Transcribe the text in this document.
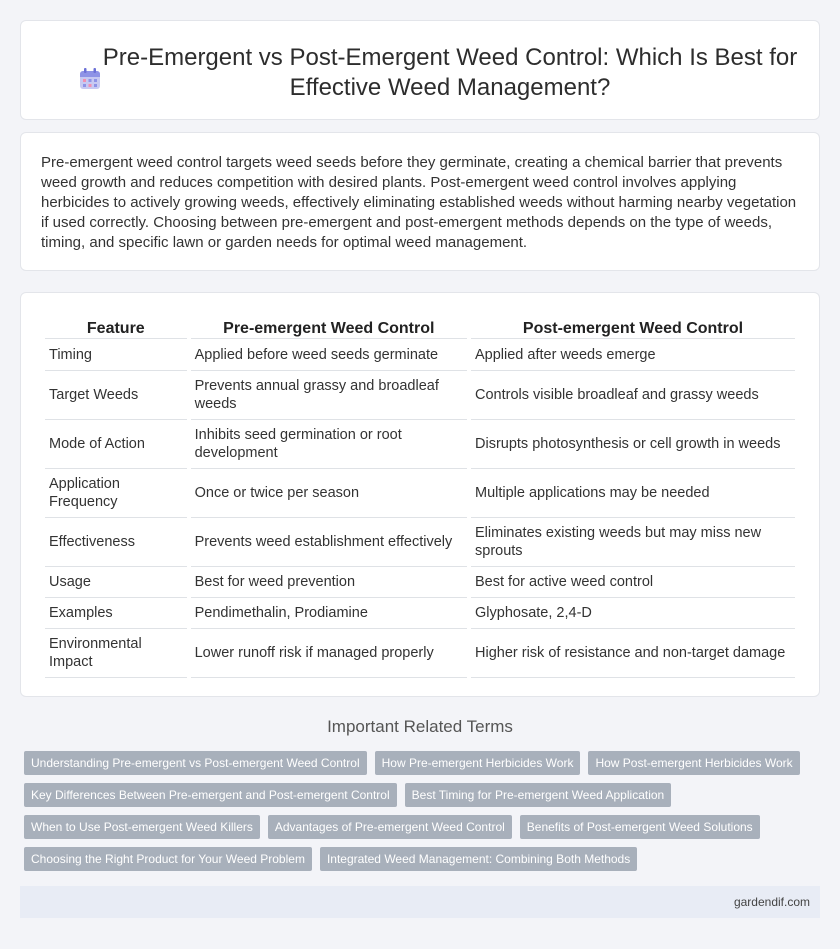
Pre-Emergent vs Post-Emergent Weed Control: Which Is Best for
Effective Weed Management?

Pre-emergent weed control targets weed seeds before they germinate, creating a chemical barrier that prevents weed growth and reduces competition with desired plants. Post-emergent weed control involves applying herbicides to actively growing weeds, effectively eliminating established weeds without harming nearby vegetation if used correctly. Choosing between pre-emergent and post-emergent methods depends on the type of weeds, timing, and specific lawn or garden needs for optimal weed management.

Feature	Pre-emergent Weed Control	Post-emergent Weed Control
Timing	Applied before weed seeds germinate	Applied after weeds emerge
Target Weeds	Prevents annual grassy and broadleaf weeds	Controls visible broadleaf and grassy weeds
Mode of Action	Inhibits seed germination or root development	Disrupts photosynthesis or cell growth in weeds
Application Frequency	Once or twice per season	Multiple applications may be needed
Effectiveness	Prevents weed establishment effectively	Eliminates existing weeds but may miss new sprouts
Usage	Best for weed prevention	Best for active weed control
Examples	Pendimethalin, Prodiamine	Glyphosate, 2,4-D
Environmental Impact	Lower runoff risk if managed properly	Higher risk of resistance and non-target damage
Important Related Terms
Understanding Pre-emergent vs Post-emergent Weed Control	How Pre-emergent Herbicides Work	How Post-emergent Herbicides Work
Key Differences Between Pre-emergent and Post-emergent Control	Best Timing for Pre-emergent Weed Application
When to Use Post-emergent Weed Killers	Advantages of Pre-emergent Weed Control	Benefits of Post-emergent Weed Solutions
Choosing the Right Product for Your Weed Problem	Integrated Weed Management: Combining Both Methods
gardendif.com
